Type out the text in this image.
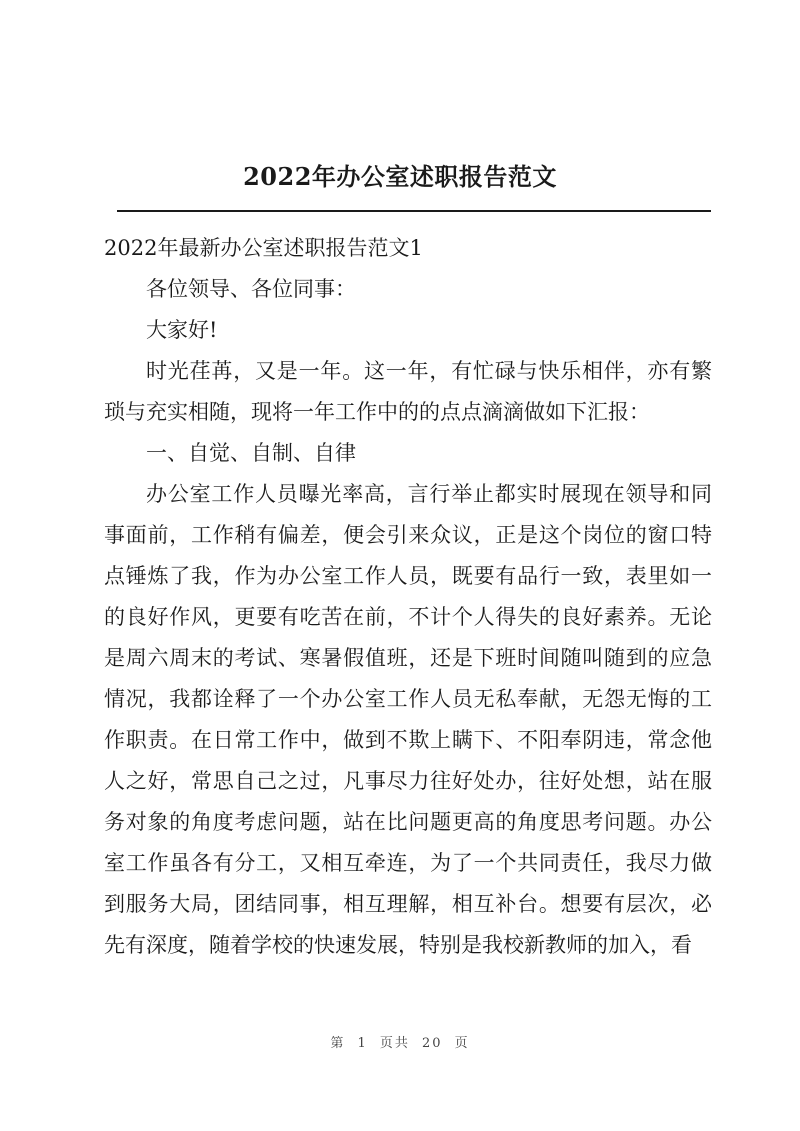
2022年办公室述职报告范文

2022年最新办公室述职报告范文1

各位领导、各位同事：

大家好!

时光荏苒，又是一年。这一年，有忙碌与快乐相伴，亦有繁琐与充实相随，现将一年工作中的的点点滴滴做如下汇报：

一、自觉、自制、自律

办公室工作人员曝光率高，言行举止都实时展现在领导和同事面前，工作稍有偏差，便会引来众议，正是这个岗位的窗口特点锤炼了我，作为办公室工作人员，既要有品行一致，表里如一的良好作风，更要有吃苦在前，不计个人得失的良好素养。无论是周六周末的考试、寒暑假值班，还是下班时间随叫随到的应急情况，我都诠释了一个办公室工作人员无私奉献，无怨无悔的工作职责。在日常工作中，做到不欺上瞒下、不阳奉阴违，常念他人之好，常思自己之过，凡事尽力往好处办，往好处想，站在服务对象的角度考虑问题，站在比问题更高的角度思考问题。办公室工作虽各有分工，又相互牵连，为了一个共同责任，我尽力做到服务大局，团结同事，相互理解，相互补台。想要有层次，必先有深度，随着学校的快速发展，特别是我校新教师的加入，看

第 1 页共 20 页
